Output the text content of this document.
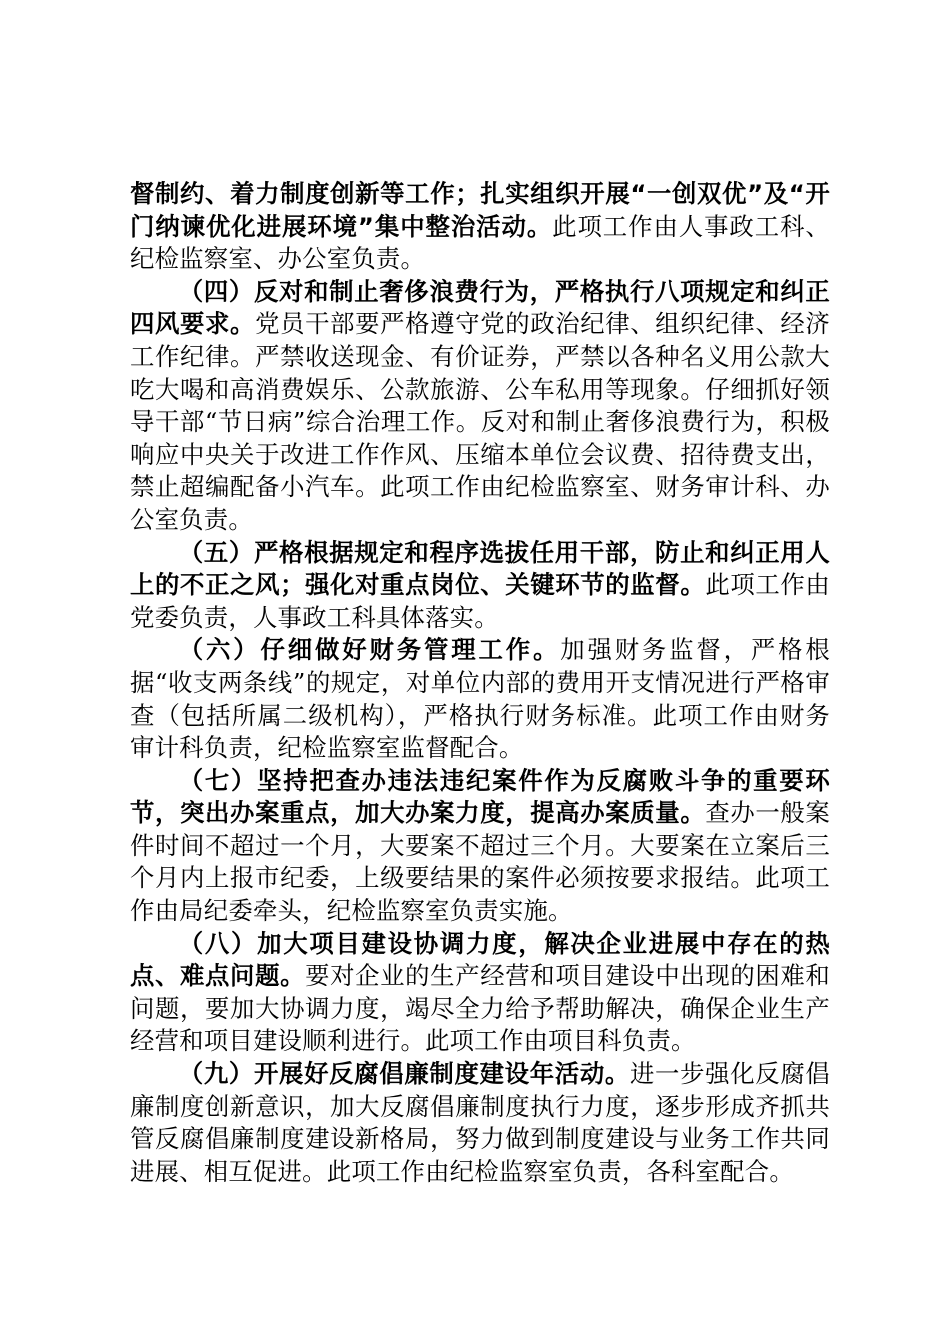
督制约、着力制度创新等工作；扎实组织开展“一创双优”及“开门纳谏优化进展环境”集中整治活动。此项工作由人事政工科、纪检监察室、办公室负责。

（四）反对和制止奢侈浪费行为，严格执行八项规定和纠正四风要求。党员干部要严格遵守党的政治纪律、组织纪律、经济工作纪律。严禁收送现金、有价证券，严禁以各种名义用公款大吃大喝和高消费娱乐、公款旅游、公车私用等现象。仔细抓好领导干部“节日病”综合治理工作。反对和制止奢侈浪费行为，积极响应中央关于改进工作作风、压缩本单位会议费、招待费支出，禁止超编配备小汽车。此项工作由纪检监察室、财务审计科、办公室负责。

（五）严格根据规定和程序选拔任用干部，防止和纠正用人上的不正之风；强化对重点岗位、关键环节的监督。此项工作由党委负责，人事政工科具体落实。

（六）仔细做好财务管理工作。加强财务监督，严格根据“收支两条线”的规定，对单位内部的费用开支情况进行严格审查（包括所属二级机构），严格执行财务标准。此项工作由财务审计科负责，纪检监察室监督配合。

（七）坚持把查办违法违纪案件作为反腐败斗争的重要环节，突出办案重点，加大办案力度，提高办案质量。查办一般案件时间不超过一个月，大要案不超过三个月。大要案在立案后三个月内上报市纪委，上级要结果的案件必须按要求报结。此项工作由局纪委牵头，纪检监察室负责实施。

（八）加大项目建设协调力度，解决企业进展中存在的热点、难点问题。要对企业的生产经营和项目建设中出现的困难和问题，要加大协调力度，竭尽全力给予帮助解决，确保企业生产经营和项目建设顺利进行。此项工作由项目科负责。

（九）开展好反腐倡廉制度建设年活动。进一步强化反腐倡廉制度创新意识，加大反腐倡廉制度执行力度，逐步形成齐抓共管反腐倡廉制度建设新格局，努力做到制度建设与业务工作共同进展、相互促进。此项工作由纪检监察室负责，各科室配合。
